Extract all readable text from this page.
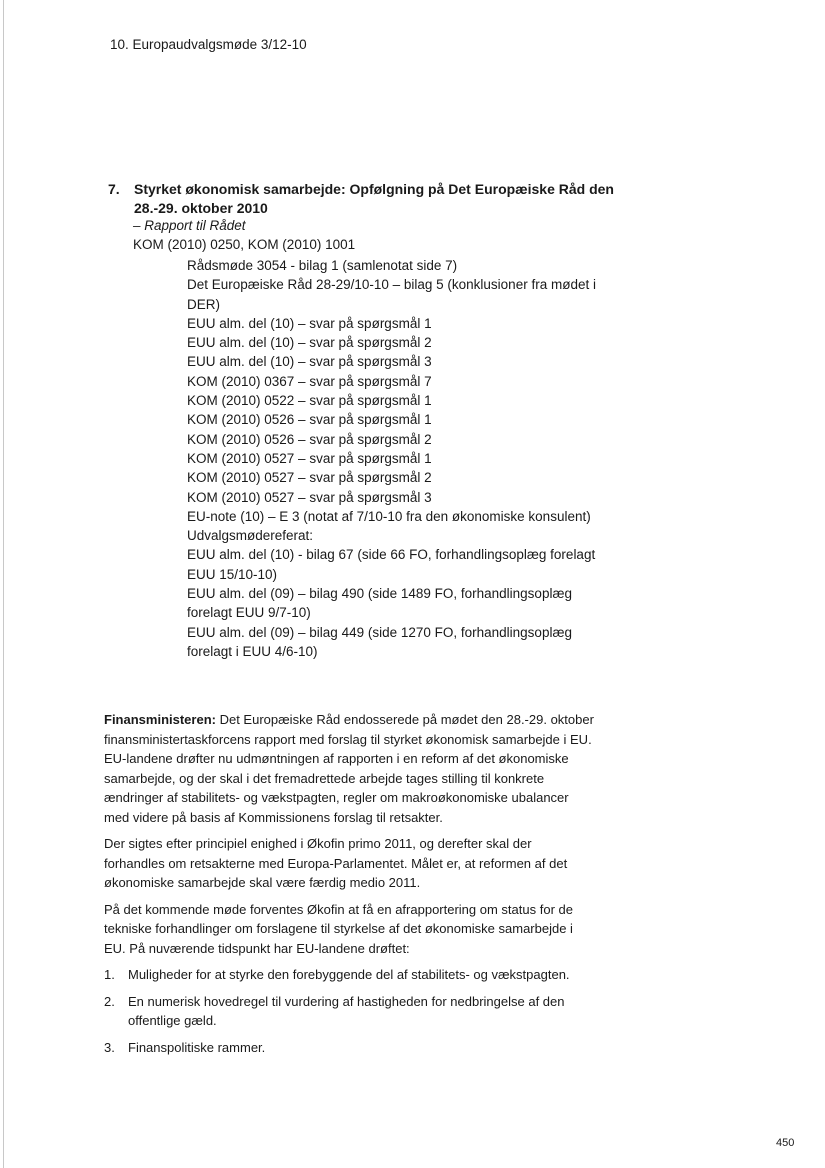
10. Europaudvalgsmøde 3/12-10
7. Styrket økonomisk samarbejde: Opfølgning på Det Europæiske Råd den 28.-29. oktober 2010
– Rapport til Rådet
KOM (2010) 0250, KOM (2010) 1001
Rådsmøde 3054 - bilag 1 (samlenotat side 7)
Det Europæiske Råd 28-29/10-10 – bilag 5 (konklusioner fra mødet i DER)
EUU alm. del (10) – svar på spørgsmål 1
EUU alm. del (10) – svar på spørgsmål 2
EUU alm. del (10) – svar på spørgsmål 3
KOM (2010) 0367 – svar på spørgsmål 7
KOM (2010) 0522 – svar på spørgsmål 1
KOM (2010) 0526 – svar på spørgsmål 1
KOM (2010) 0526 – svar på spørgsmål 2
KOM (2010) 0527 – svar på spørgsmål 1
KOM (2010) 0527 – svar på spørgsmål 2
KOM (2010) 0527 – svar på spørgsmål 3
EU-note (10) – E 3 (notat af 7/10-10 fra den økonomiske konsulent)
Udvalgsmødereferat:
EUU alm. del (10) - bilag 67 (side 66 FO, forhandlingsoplæg forelagt EUU 15/10-10)
EUU alm. del (09) – bilag 490 (side 1489 FO, forhandlingsoplæg forelagt EUU 9/7-10)
EUU alm. del (09) – bilag 449 (side 1270 FO, forhandlingsoplæg forelagt i EUU 4/6-10)

Finansministeren: Det Europæiske Råd endosserede på mødet den 28.-29. oktober finansministertaskforcens rapport med forslag til styrket økonomisk samarbejde i EU. EU-landene drøfter nu udmøntningen af rapporten i en reform af det økonomiske samarbejde, og der skal i det fremadrettede arbejde tages stilling til konkrete ændringer af stabilitets- og vækstpagten, regler om makroøkonomiske ubalancer med videre på basis af Kommissionens forslag til retsakter.

Der sigtes efter principiel enighed i Økofin primo 2011, og derefter skal der forhandles om retsakterne med Europa-Parlamentet. Målet er, at reformen af det økonomiske samarbejde skal være færdig medio 2011.

På det kommende møde forventes Økofin at få en afrapportering om status for de tekniske forhandlinger om forslagene til styrkelse af det økonomiske samarbejde i EU. På nuværende tidspunkt har EU-landene drøftet:

1. Muligheder for at styrke den forebyggende del af stabilitets- og vækstpagten.
2. En numerisk hovedregel til vurdering af hastigheden for nedbringelse af den offentlige gæld.
3. Finanspolitiske rammer.
450
